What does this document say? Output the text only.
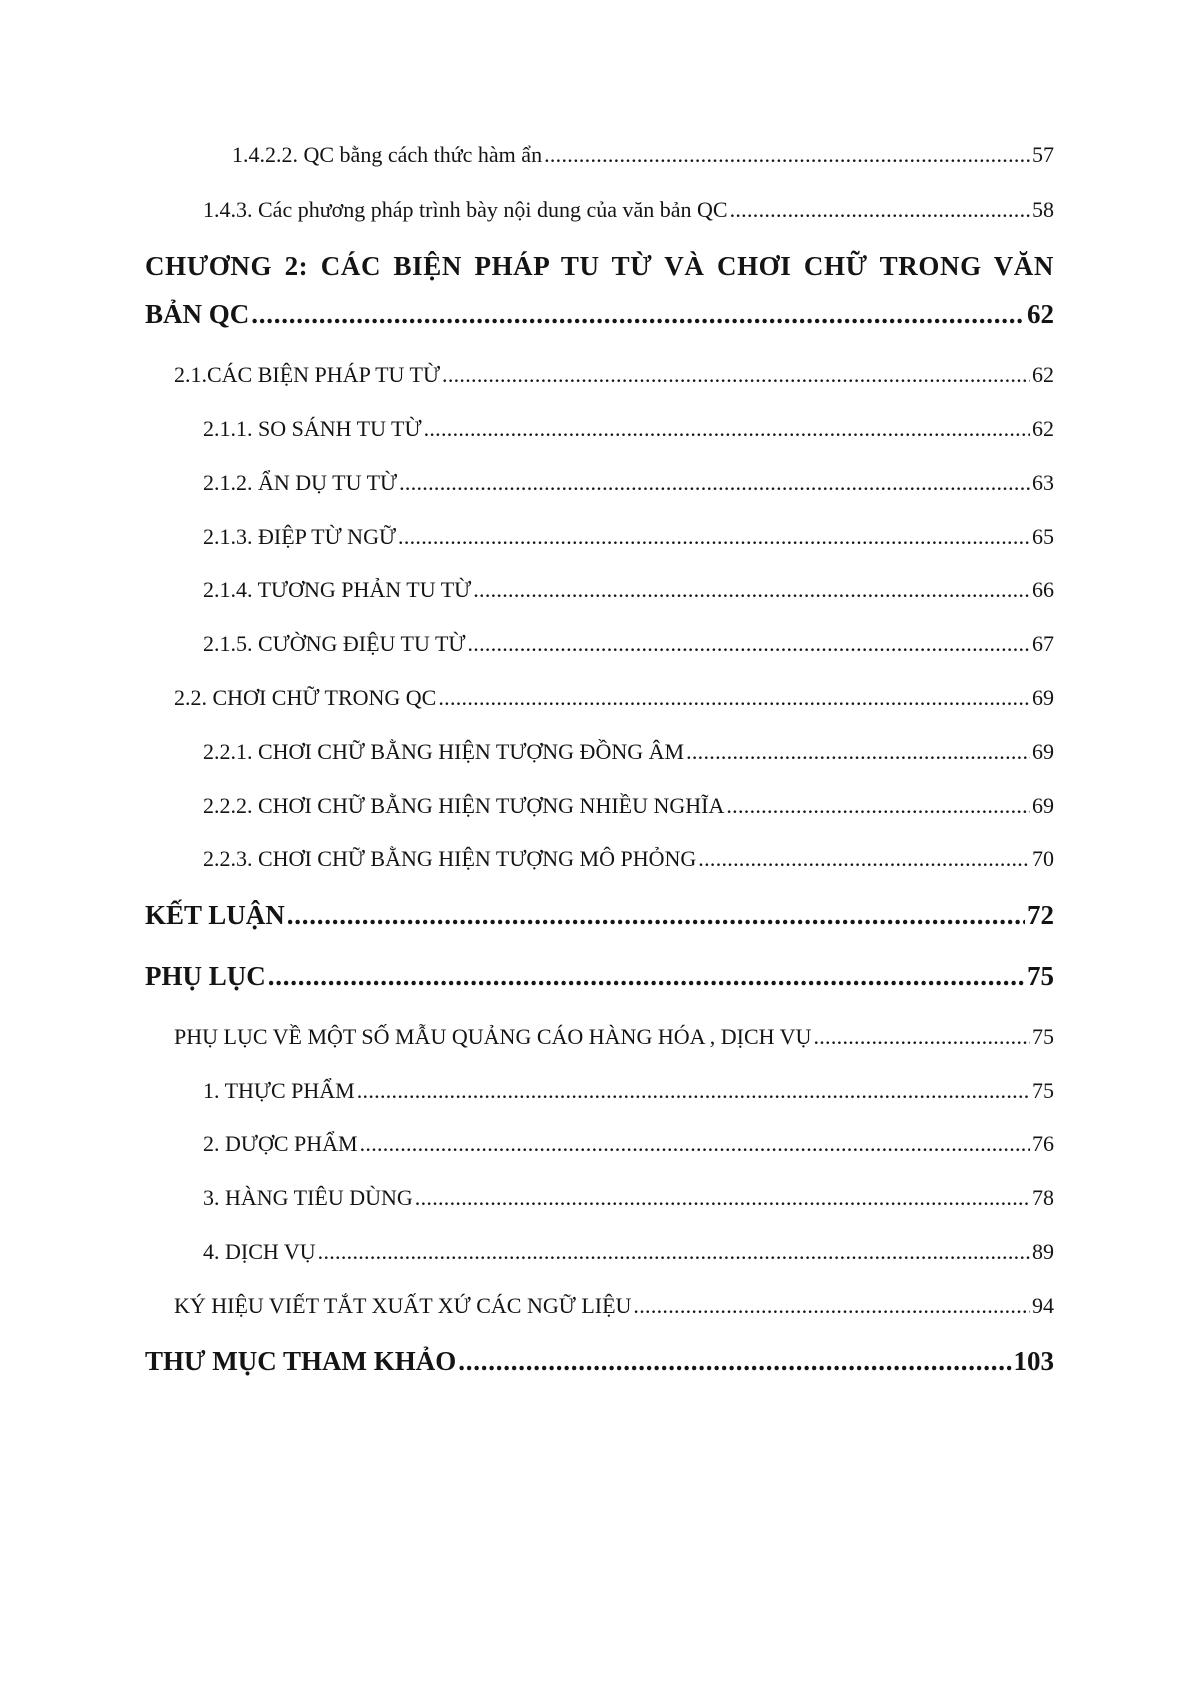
1.4.2.2. QC bằng cách thức hàm ẩn . . .	57
1.4.3. Các phương pháp trình bày nội dung của văn bản QC . . .	58
CHƯƠNG 2: CÁC BIỆN PHÁP TU TỪ VÀ CHƠI CHỮ TRONG VĂN
BẢN QC . . .	62
2.1.CÁC BIỆN PHÁP TU TỪ . . .	62
2.1.1. SO SÁNH TU TỪ . . .	62
2.1.2. ẨN DỤ TU TỪ . . .	63
2.1.3. ĐIỆP TỪ NGỮ . . .	65
2.1.4. TƯƠNG PHẢN TU TỪ . . .	66
2.1.5. CƯỜNG ĐIỆU TU TỪ . . .	67
2.2. CHƠI CHỮ TRONG QC . . .	69
2.2.1. CHƠI CHỮ BẰNG HIỆN TƯỢNG ĐỒNG ÂM . . .	69
2.2.2. CHƠI CHỮ BẰNG HIỆN TƯỢNG NHIỀU NGHĨA . . .	69
2.2.3. CHƠI CHỮ BẰNG HIỆN TƯỢNG MÔ PHỎNG . . .	70
KẾT LUẬN . . .	72
PHỤ LỤC . . .	75
PHỤ LỤC VỀ MỘT SỐ MẪU QUẢNG CÁO HÀNG HÓA , DỊCH VỤ . . .	75
1. THỰC PHẨM . . .	75
2. DƯỢC PHẨM . . .	76
3. HÀNG TIÊU DÙNG . . .	78
4. DỊCH VỤ . . .	89
KÝ HIỆU VIẾT TẮT XUẤT XỨ CÁC NGỮ LIỆU . . .	94
THƯ MỤC THAM KHẢO . . .	103
